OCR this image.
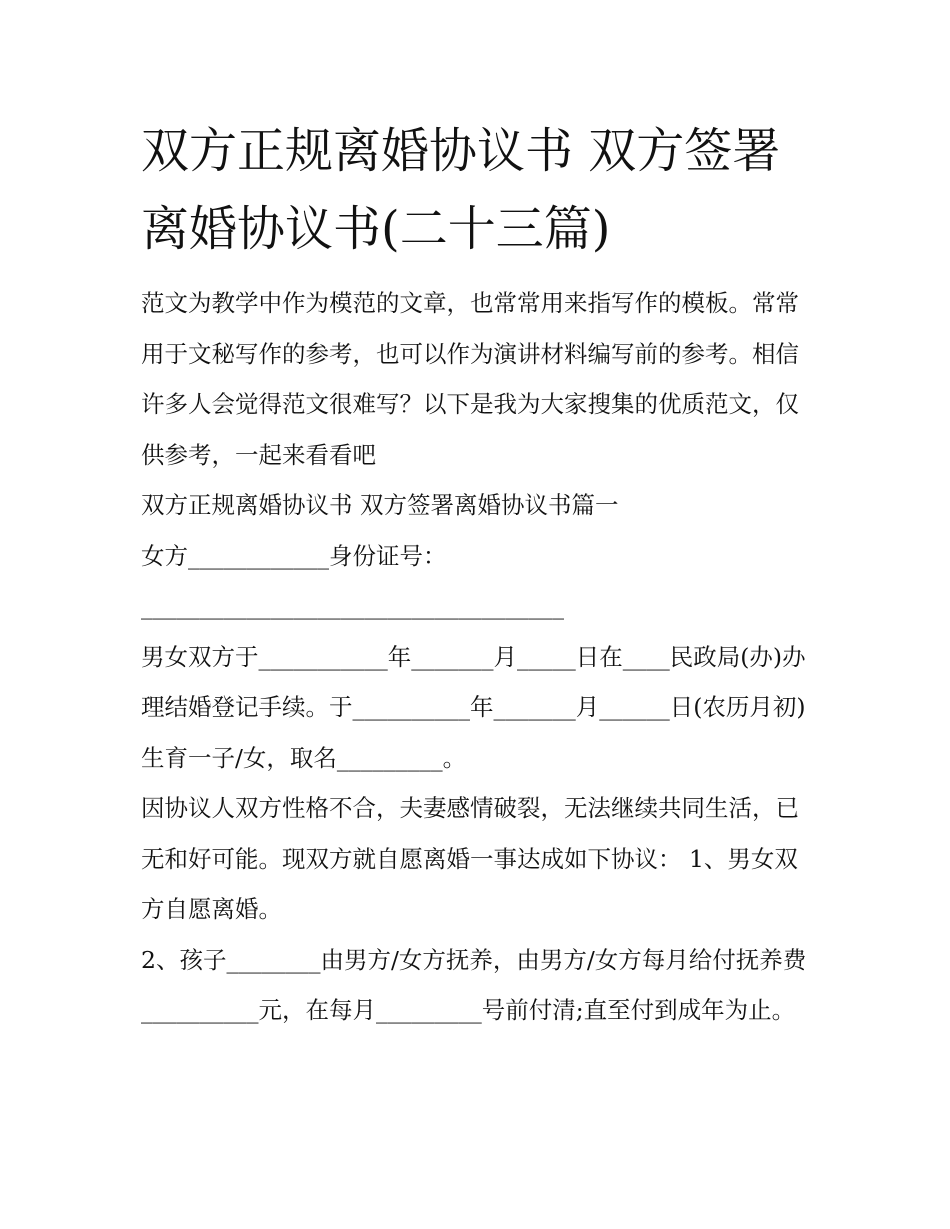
双方正规离婚协议书 双方签署离婚协议书(二十三篇)

范文为教学中作为模范的文章，也常常用来指写作的模板。常常用于文秘写作的参考，也可以作为演讲材料编写前的参考。相信许多人会觉得范文很难写？以下是我为大家搜集的优质范文，仅供参考，一起来看看吧

双方正规离婚协议书 双方签署离婚协议书篇一

女方____________身份证号：

____________________________________

男女双方于___________年_______月_____日在____民政局(办)办理结婚登记手续。于__________年_______月______日(农历月初)生育一子/女，取名_________。

因协议人双方性格不合，夫妻感情破裂，无法继续共同生活，已无和好可能。现双方就自愿离婚一事达成如下协议： 1、男女双方自愿离婚。

2、孩子________由男方/女方抚养，由男方/女方每月给付抚养费__________元，在每月_________号前付清;直至付到成年为止。
